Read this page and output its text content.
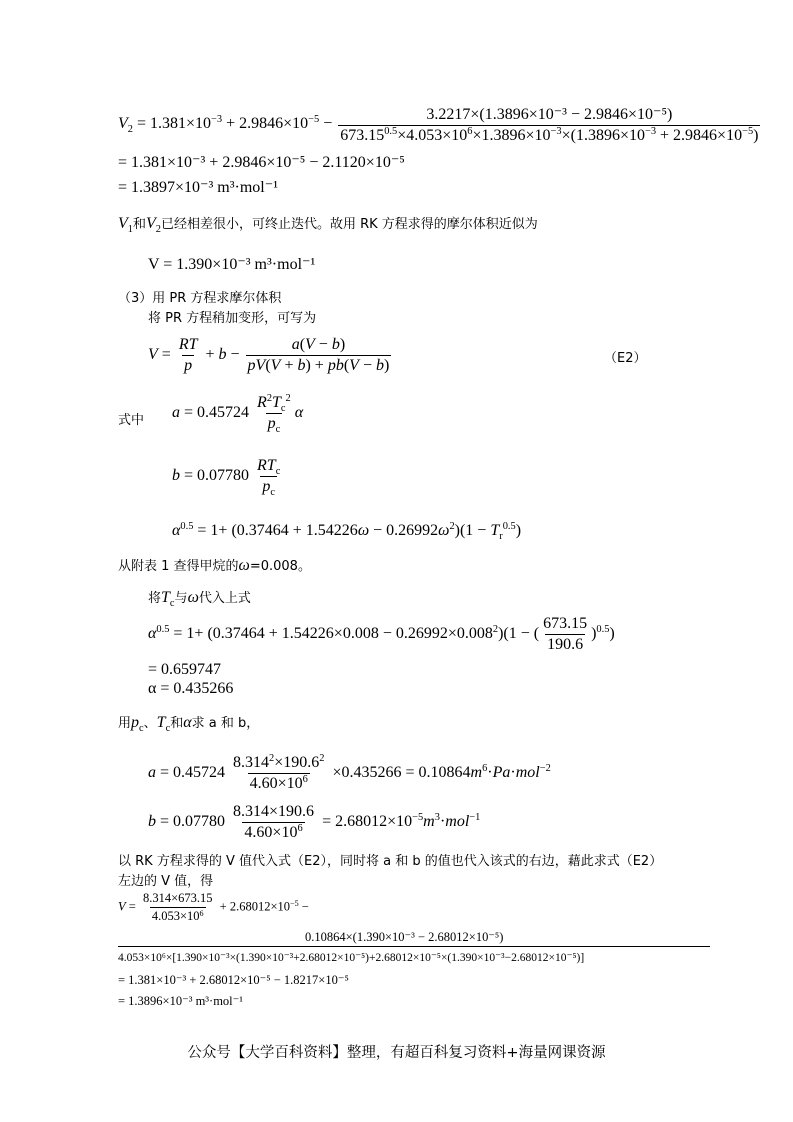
$V_2 = 1.381\times 10^{-3} + 2.9846\times 10^{-5} - \frac{\text{3.2217×(1.3896×10⁻³ − 2.9846×10⁻⁵)}}{673.15^{0.5}\times 4.053\times 10^6\times 1.3896\times 10^{-3}\times(1.3896\times 10^{-3} + 2.9846\times 10^{-5})}$
= 1.381×10⁻³ + 2.9846×10⁻⁵ − 2.1120×10⁻⁵
= 1.3897×10⁻³ m³·mol⁻¹
$V_1$和$V_2$已经相差很小，可终止迭代。故用 RK 方程求得的摩尔体积近似为
V = 1.390×10⁻³ m³·mol⁻¹
（3）用 PR 方程求摩尔体积
将 PR 方程稍加变形，可写为
$V = \frac{RT}{p} + b - \frac{a(V - b)}{pV(V + b) + pb(V - b)}$	（E2）
式中 $a = 0.45724 \frac{R^2T_c^2}{p_c}$ α
$b = 0.07780 \frac{RT_c}{p_c}$
$\alpha^{0.5} = 1+ (0.37464 + 1.54226\omega - 0.26992\omega^2)(1 - T_r^{0.5})$
从附表 1 查得甲烷的ω=0.008。
将$T_c$与ω代入上式
$\alpha^{0.5} = 1+ (0.37464 + 1.54226\times 0.008 - 0.26992\times 0.008^2)(1$ − ( $\frac{673.15}{190.6} )^{0.5}$)
= 0.659747
α = 0.435266
用$p_c$、$T_c$和α求 a 和 b，
$a = 0.45724 \frac{8.314^2\times 190.6^2}{4.60\times 10^6} \times 0.435266 = 0.10864m^6\cdot Pa\cdot mol^{-2}$
$b = 0.07780 \frac{8.314\times 190.6}{4.60\times 10^6} = 2.68012\times 10^{-5}m^3\cdot mol^{-1}$
以 RK 方程求得的 V 值代入式（E2），同时将 a 和 b 的值也代入该式的右边，藉此求式（E2）
左边的 V 值，得
$V = \frac{8.314\times 673.15}{4.053\times 10^6} + 2.68012\times 10^{-5}$ −
0.10864×(1.390×10⁻³ − 2.68012×10⁻⁵)
4.053×10⁶×[1.390×10⁻³×(1.390×10⁻³+2.68012×10⁻⁵)+2.68012×10⁻⁵×(1.390×10⁻³−2.68012×10⁻⁵)]
= 1.381×10⁻³ + 2.68012×10⁻⁵ − 1.8217×10⁻⁵
= 1.3896×10⁻³ m³·mol⁻¹
公众号【大学百科资料】整理，有超百科复习资料+海量网课资源
